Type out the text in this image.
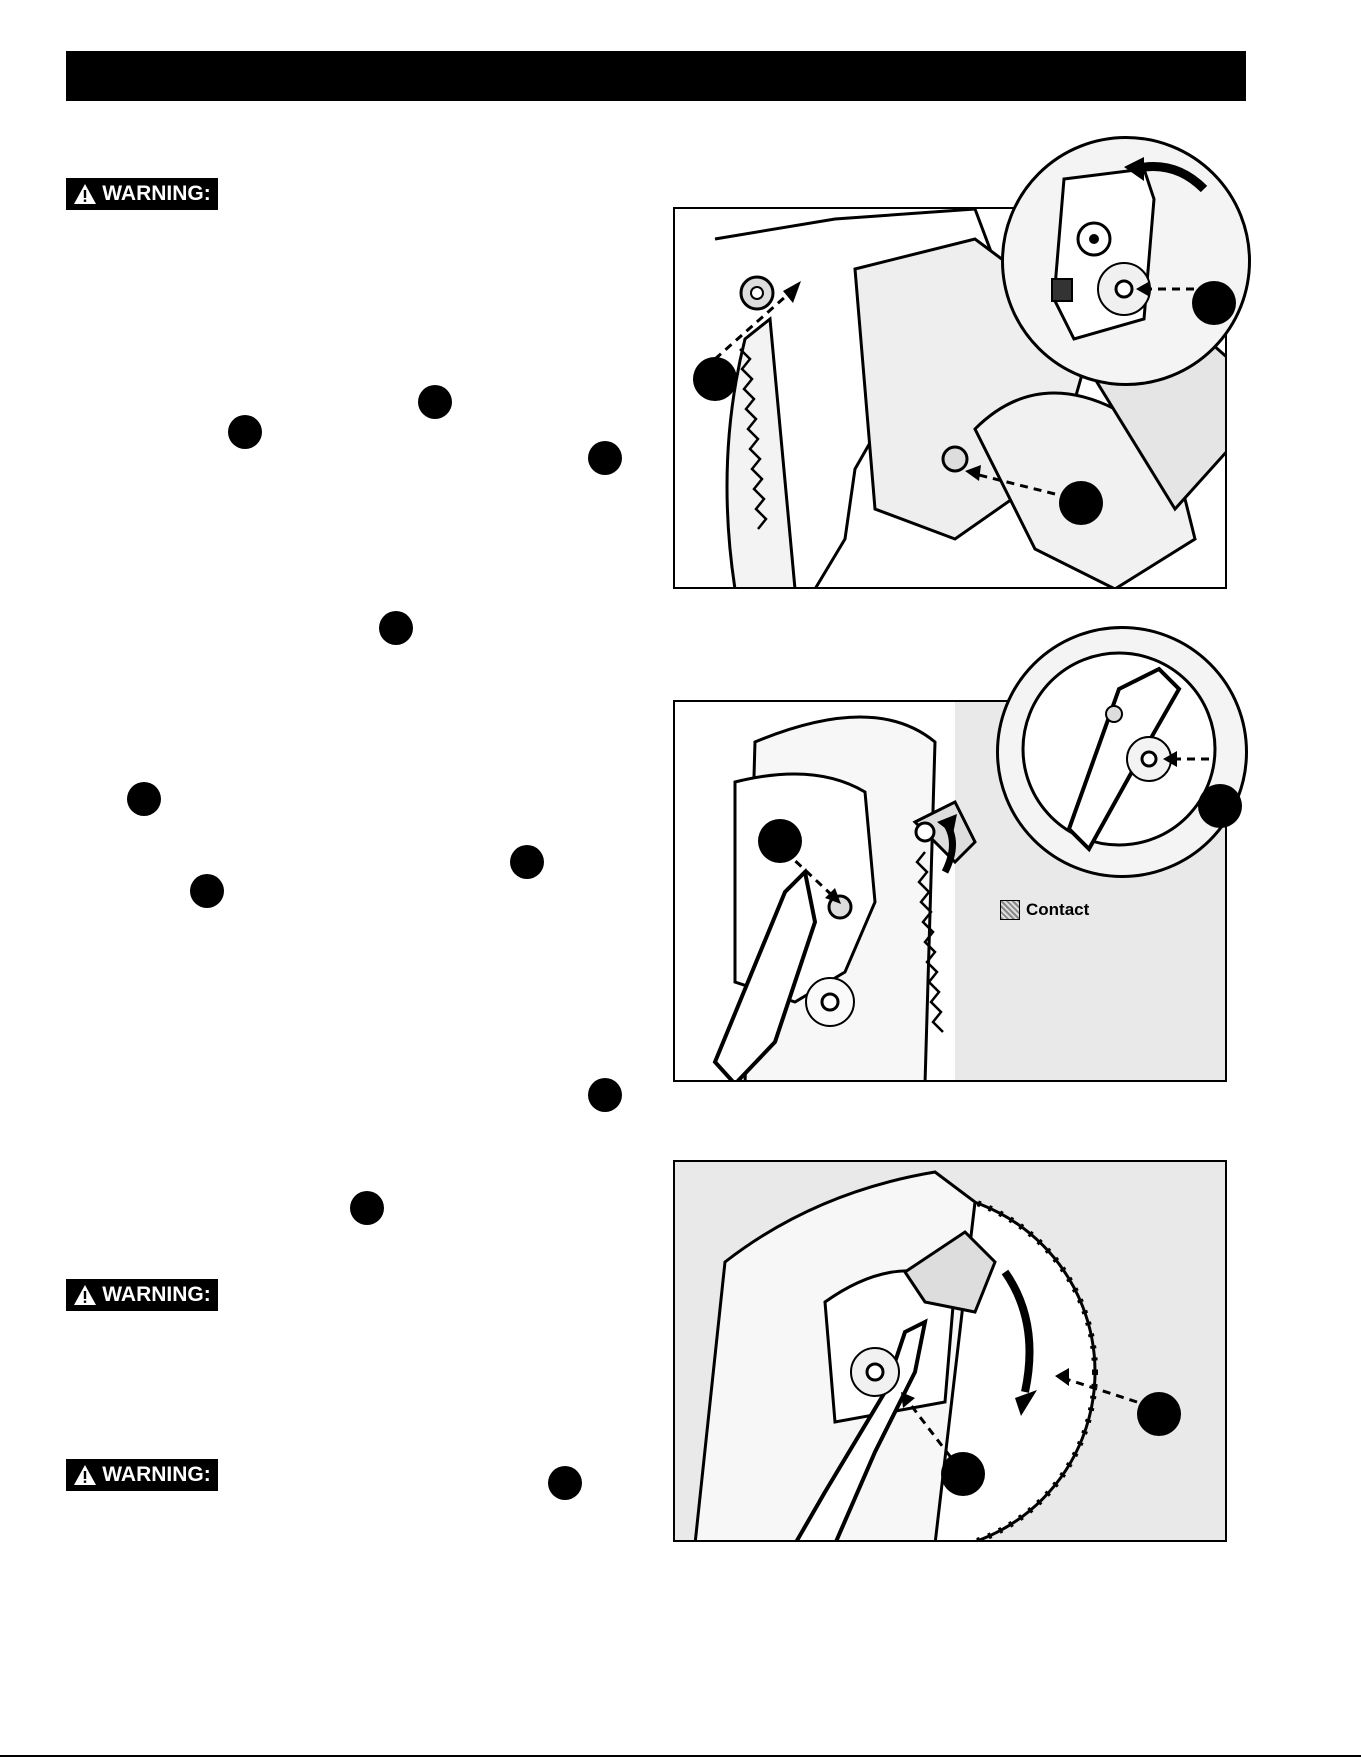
WARNING:
WARNING:
WARNING:
Contact
